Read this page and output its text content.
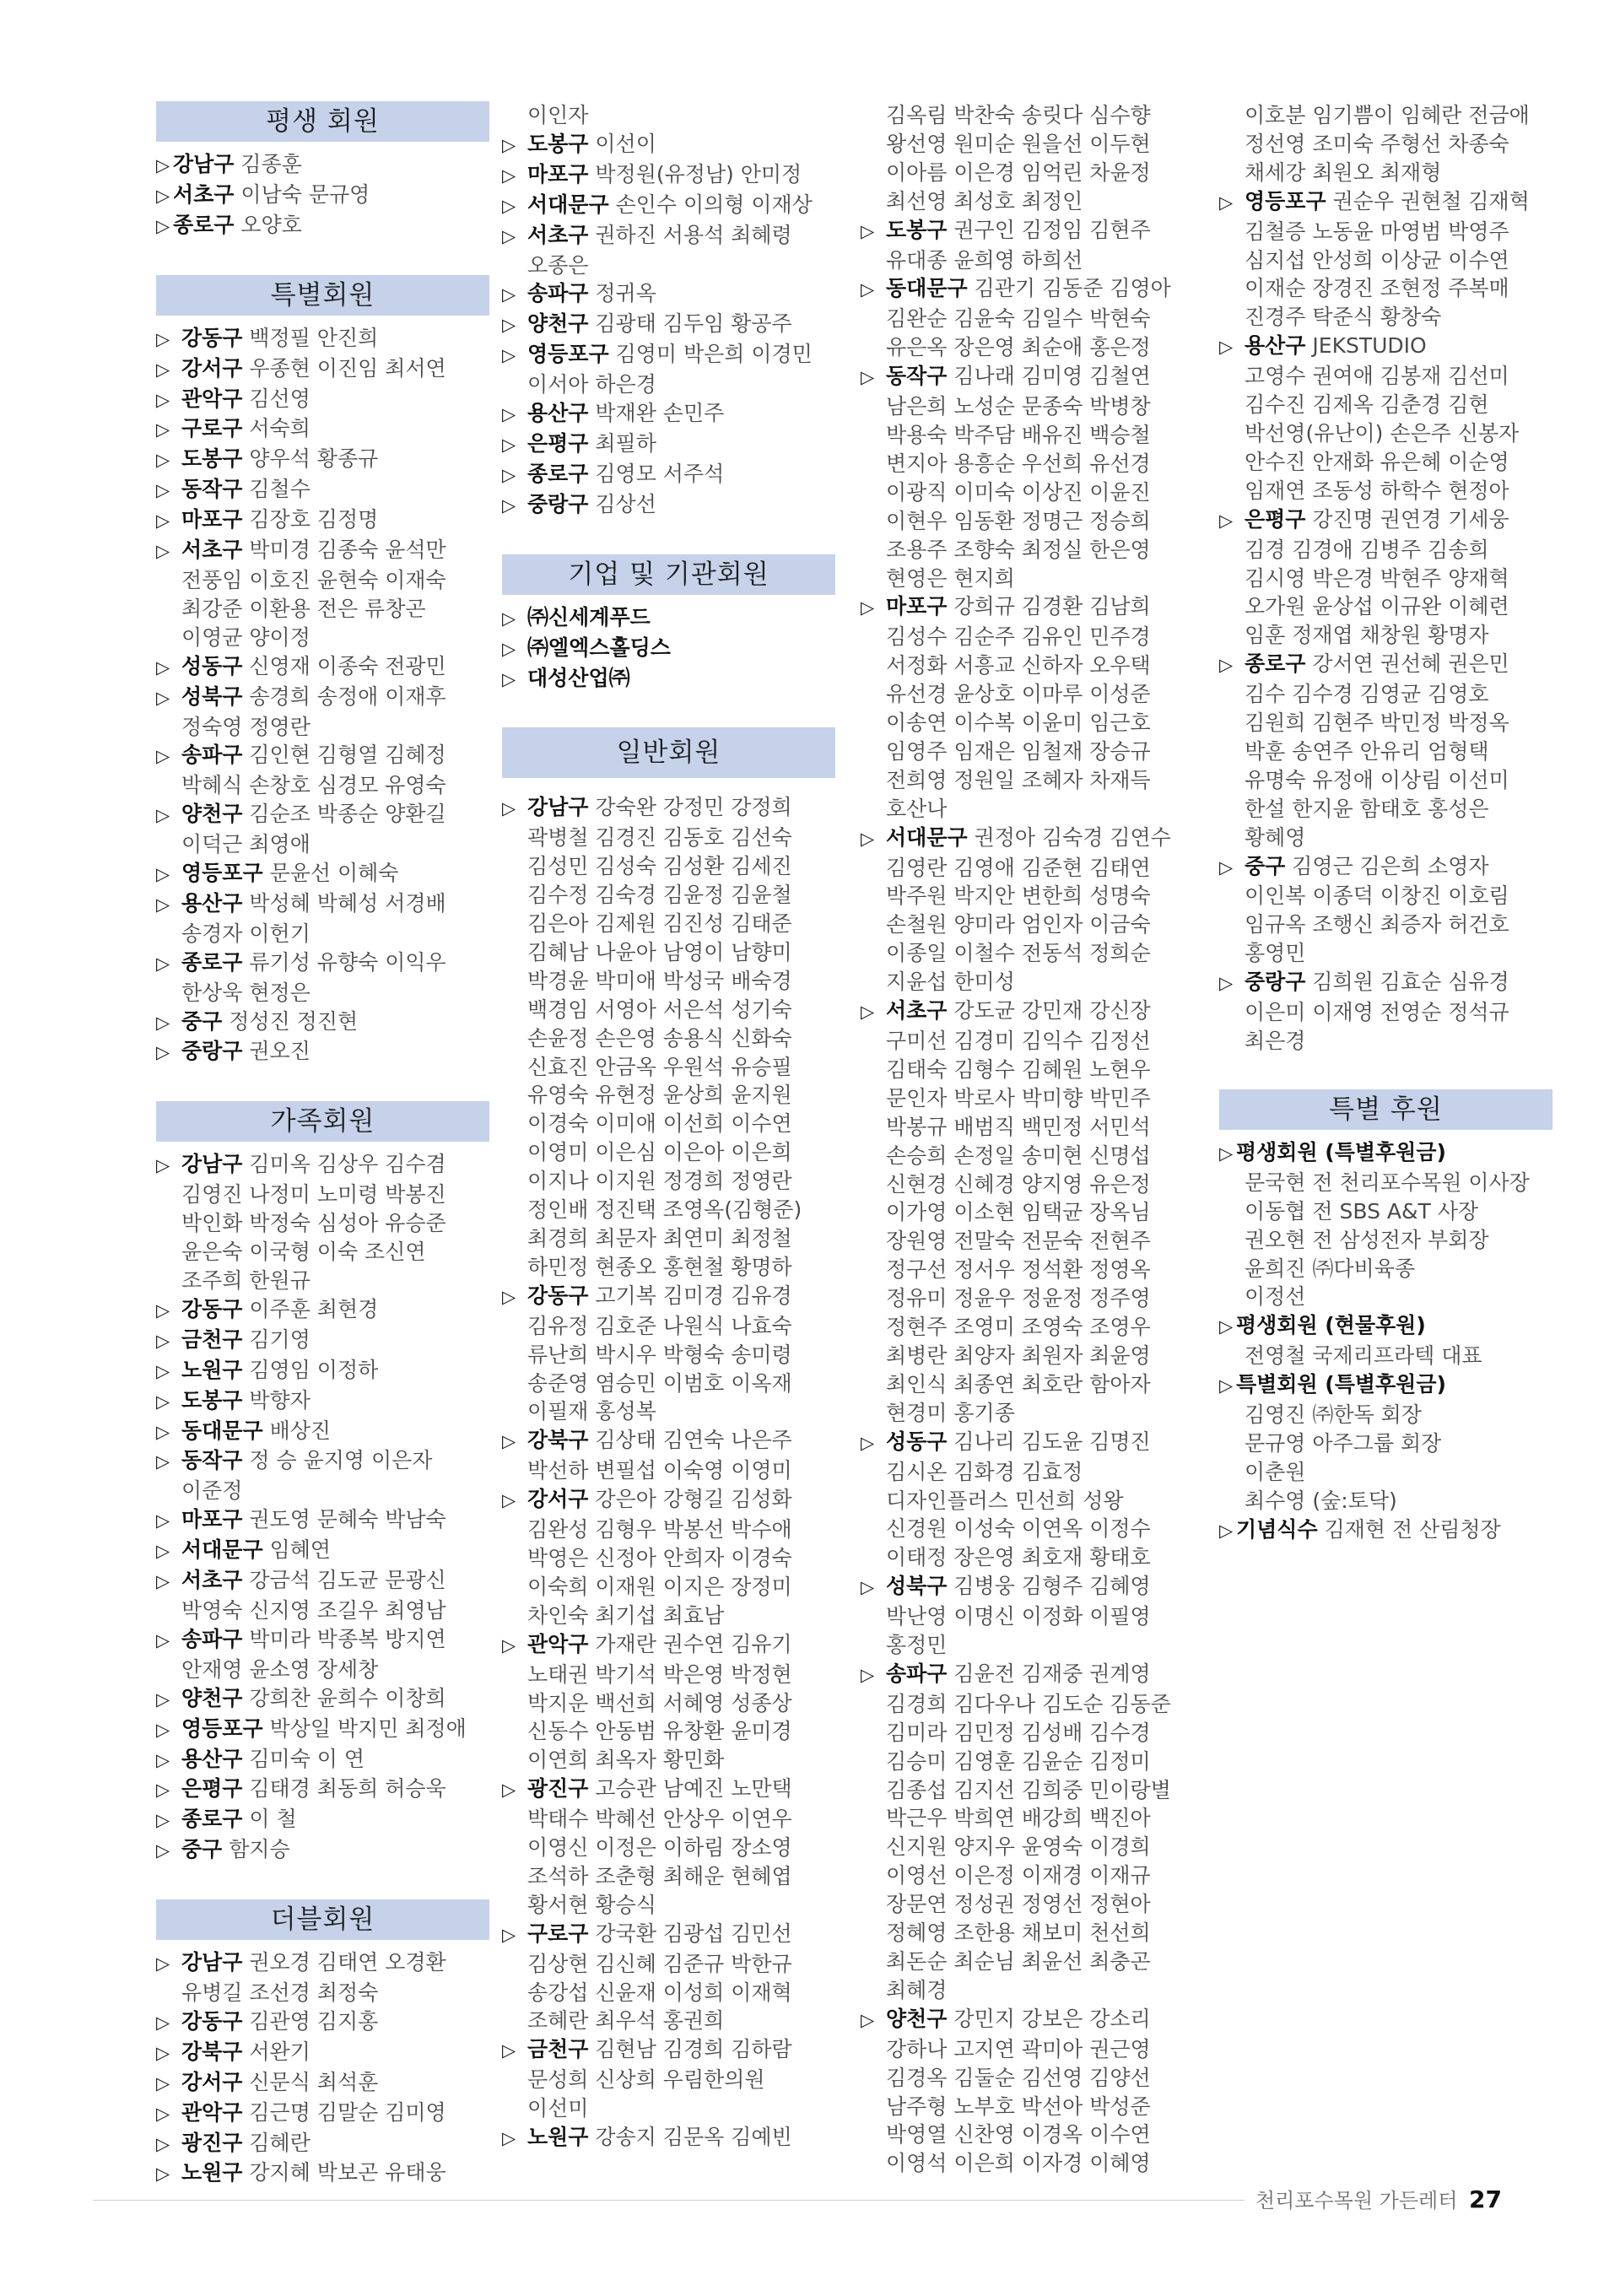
평생 회원

▷강남구 김종훈

▷서초구 이남숙 문규영

▷종로구 오양호

특별회원

▷강동구 백정필 안진희

▷강서구 우종현 이진임 최서연

▷관악구 김선영

▷구로구 서숙희

▷도봉구 양우석 황종규

▷동작구 김철수

▷마포구 김장호 김정명

▷서초구 박미경 김종숙 윤석만

전풍임 이호진 윤현숙 이재숙

최강준 이환용 전은 류창곤

이영균 양이정

▷성동구 신영재 이종숙 전광민

▷성북구 송경희 송정애 이재후

정숙영 정영란

▷송파구 김인현 김형열 김혜정

박혜식 손창호 심경모 유영숙

▷양천구 김순조 박종순 양환길

이덕근 최영애

▷영등포구 문윤선 이혜숙

▷용산구 박성혜 박혜성 서경배

송경자 이헌기

▷종로구 류기성 유향숙 이익우

한상욱 현정은

▷중구 정성진 정진현

▷중랑구 권오진

가족회원

▷강남구 김미옥 김상우 김수겸

김영진 나정미 노미령 박봉진

박인화 박정숙 심성아 유승준

윤은숙 이국형 이숙 조신연

조주희 한원규

▷강동구 이주훈 최현경

▷금천구 김기영

▷노원구 김영임 이정하

▷도봉구 박향자

▷동대문구 배상진

▷동작구 정 승 윤지영 이은자

이준정

▷마포구 권도영 문혜숙 박남숙

▷서대문구 임혜연

▷서초구 강금석 김도균 문광신

박영숙 신지영 조길우 최영남

▷송파구 박미라 박종복 방지연

안재영 윤소영 장세창

▷양천구 강희찬 윤희수 이창희

▷영등포구 박상일 박지민 최정애

▷용산구 김미숙 이 연

▷은평구 김태경 최동희 허승욱

▷종로구 이 철

▷중구 함지승

더블회원

▷강남구 권오경 김태연 오경환

유병길 조선경 최정숙

▷강동구 김관영 김지홍

▷강북구 서완기

▷강서구 신문식 최석훈

▷관악구 김근명 김말순 김미영

▷광진구 김혜란

▷노원구 강지혜 박보곤 유태웅

이인자

▷도봉구 이선이

▷마포구 박정원(유정남) 안미정

▷서대문구 손인수 이의형 이재상

▷서초구 권하진 서용석 최혜령

오종은

▷송파구 정귀옥

▷양천구 김광태 김두임 황공주

▷영등포구 김영미 박은희 이경민

이서아 하은경

▷용산구 박재완 손민주

▷은평구 최필하

▷종로구 김영모 서주석

▷중랑구 김상선

기업 및 기관회원

▷㈜신세계푸드

▷㈜엘엑스홀딩스

▷대성산업㈜

일반회원

▷강남구 강숙완 강정민 강정희

곽병철 김경진 김동호 김선숙

김성민 김성숙 김성환 김세진

김수정 김숙경 김윤정 김윤철

김은아 김제원 김진성 김태준

김혜남 나윤아 남영이 남향미

박경윤 박미애 박성국 배숙경

백경임 서영아 서은석 성기숙

손윤정 손은영 송용식 신화숙

신효진 안금옥 우원석 유승필

유영숙 유현정 윤상희 윤지원

이경숙 이미애 이선희 이수연

이영미 이은심 이은아 이은희

이지나 이지원 정경희 정영란

정인배 정진택 조영옥(김형준)

최경희 최문자 최연미 최정철

하민정 현종오 홍현철 황명하

▷강동구 고기복 김미경 김유경

김유정 김호준 나원식 나효숙

류난희 박시우 박형숙 송미령

송준영 염승민 이범호 이옥재

이필재 홍성복

▷강북구 김상태 김연숙 나은주

박선하 변필섭 이숙영 이영미

▷강서구 강은아 강형길 김성화

김완성 김형우 박봉선 박수애

박영은 신정아 안희자 이경숙

이숙희 이재원 이지은 장정미

차인숙 최기섭 최효남

▷관악구 가재란 권수연 김유기

노태권 박기석 박은영 박정현

박지운 백선희 서혜영 성종상

신동수 안동범 유창환 윤미경

이연희 최옥자 황민화

▷광진구 고승관 남예진 노만택

박태수 박혜선 안상우 이연우

이영신 이정은 이하림 장소영

조석하 조춘형 최해운 현혜엽

황서현 황승식

▷구로구 강국환 김광섭 김민선

김상현 김신혜 김준규 박한규

송강섭 신윤재 이성희 이재혁

조혜란 최우석 홍권희

▷금천구 김현남 김경희 김하람

문성희 신상희 우림한의원

이선미

▷노원구 강송지 김문옥 김예빈

김옥림 박찬숙 송릿다 심수향

왕선영 원미순 원을선 이두현

이아름 이은경 임억린 차윤정

최선영 최성호 최정인

▷도봉구 권구인 김정임 김현주

유대종 윤희영 하희선

▷동대문구 김관기 김동준 김영아

김완순 김윤숙 김일수 박현숙

유은옥 장은영 최순애 홍은정

▷동작구 김나래 김미영 김철연

남은희 노성순 문종숙 박병창

박용숙 박주담 배유진 백승철

변지아 용흥순 우선희 유선경

이광직 이미숙 이상진 이윤진

이현우 임동환 정명근 정승희

조용주 조향숙 최정실 한은영

현영은 현지희

▷마포구 강희규 김경환 김남희

김성수 김순주 김유인 민주경

서정화 서흥교 신하자 오우택

유선경 윤상호 이마루 이성준

이송연 이수복 이윤미 임근호

임영주 임재은 임철재 장승규

전희영 정원일 조혜자 차재득

호산나

▷서대문구 권정아 김숙경 김연수

김영란 김영애 김준현 김태연

박주원 박지안 변한희 성명숙

손철원 양미라 엄인자 이금숙

이종일 이철수 전동석 정희순

지윤섭 한미성

▷서초구 강도균 강민재 강신장

구미선 김경미 김익수 김정선

김태숙 김형수 김혜원 노현우

문인자 박로사 박미향 박민주

박봉규 배범직 백민정 서민석

손승희 손정일 송미현 신명섭

신현경 신혜경 양지영 유은정

이가영 이소현 임택균 장옥님

장원영 전말숙 전문숙 전현주

정구선 정서우 정석환 정영옥

정유미 정윤우 정윤정 정주영

정현주 조영미 조영숙 조영우

최병란 최양자 최원자 최윤영

최인식 최종연 최호란 함아자

현경미 홍기종

▷성동구 김나리 김도윤 김명진

김시온 김화경 김효정

디자인플러스 민선희 성왕

신경원 이성숙 이연옥 이정수

이태정 장은영 최호재 황태호

▷성북구 김병웅 김형주 김혜영

박난영 이명신 이정화 이필영

홍정민

▷송파구 김윤전 김재중 권계영

김경희 김다우나 김도순 김동준

김미라 김민정 김성배 김수경

김승미 김영훈 김윤순 김정미

김종섭 김지선 김희중 민이랑별

박근우 박희연 배강희 백진아

신지원 양지우 윤영숙 이경희

이영선 이은정 이재경 이재규

장문연 정성권 정영선 정현아

정혜영 조한용 채보미 천선희

최돈순 최순님 최윤선 최충곤

최혜경

▷양천구 강민지 강보은 강소리

강하나 고지연 곽미아 권근영

김경옥 김둘순 김선영 김양선

남주형 노부호 박선아 박성준

박영열 신찬영 이경옥 이수연

이영석 이은희 이자경 이혜영

이호분 임기쁨이 임혜란 전금애

정선영 조미숙 주형선 차종숙

채세강 최원오 최재형

▷영등포구 권순우 권현철 김재혁

김철증 노동윤 마영범 박영주

심지섭 안성희 이상균 이수연

이재순 장경진 조현정 주복매

진경주 탁준식 황창숙

▷용산구 JEKSTUDIO

고영수 권여애 김봉재 김선미

김수진 김제옥 김춘경 김현

박선영(유난이) 손은주 신봉자

안수진 안재화 유은혜 이순영

임재연 조동성 하학수 현정아

▷은평구 강진명 권연경 기세웅

김경 김경애 김병주 김송희

김시영 박은경 박현주 양재혁

오가원 윤상섭 이규완 이혜련

임훈 정재엽 채창원 황명자

▷종로구 강서연 권선혜 권은민

김수 김수경 김영균 김영호

김원희 김현주 박민정 박정옥

박훈 송연주 안유리 엄형택

유명숙 유정애 이상림 이선미

한설 한지윤 함태호 홍성은

황혜영

▷중구 김영근 김은희 소영자

이인복 이종덕 이창진 이호림

임규옥 조행신 최증자 허건호

홍영민

▷중랑구 김희원 김효순 심유경

이은미 이재영 전영순 정석규

최은경

특별 후원

▷평생회원 (특별후원금)

문국현 전 천리포수목원 이사장

이동협 전 SBS A&T 사장

권오현 전 삼성전자 부회장

윤희진 ㈜다비육종

이정선

▷평생회원 (현물후원)

전영철 국제리프라텍 대표

▷특별회원 (특별후원금)

김영진 ㈜한독 회장

문규영 아주그룹 회장

이춘원

최수영 (숲:토닥)

▷기념식수 김재현 전 산림청장

천리포수목원 가든레터 27
